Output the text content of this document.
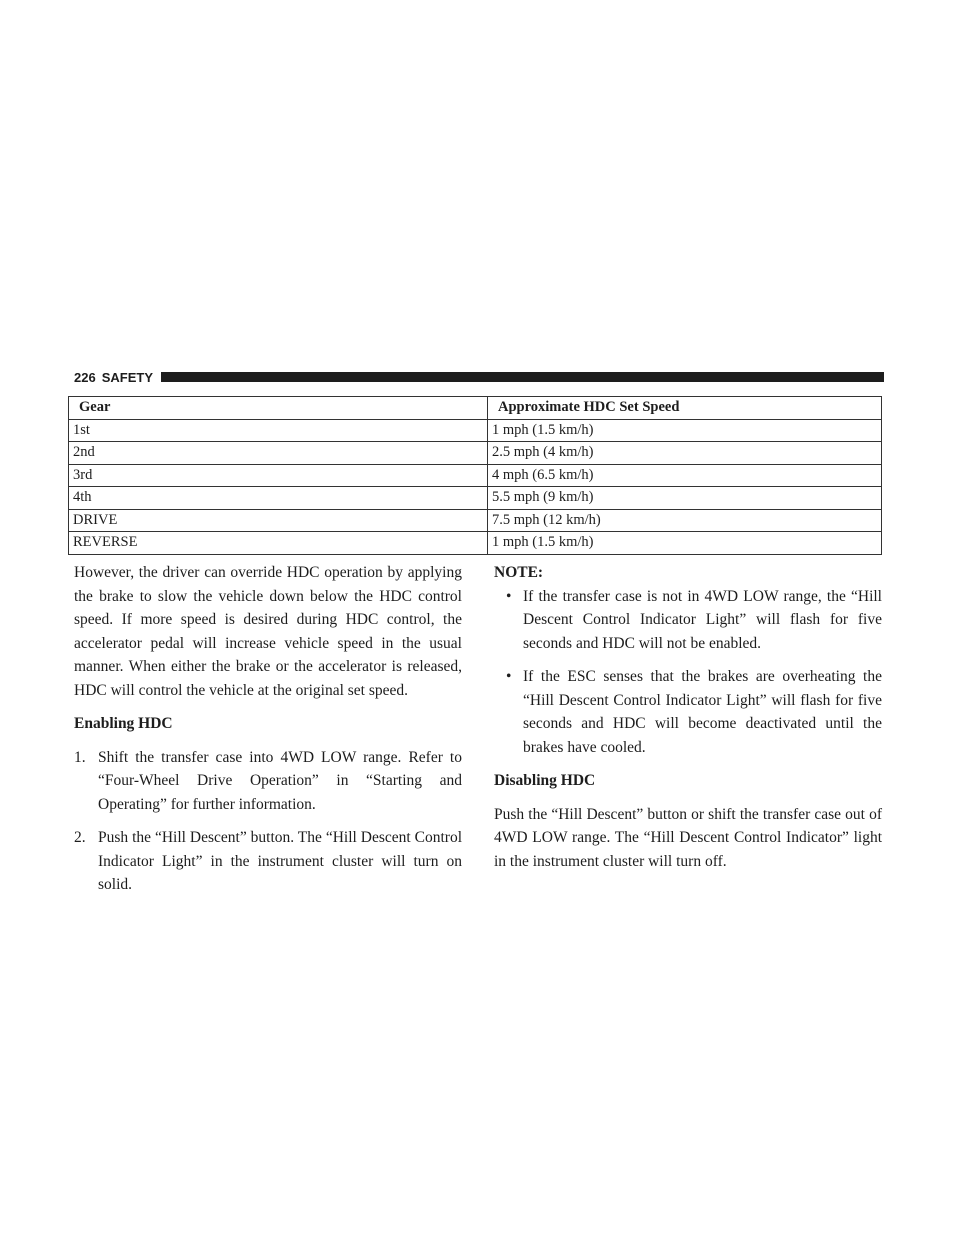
226 SAFETY
Gear	Approximate HDC Set Speed
1st	1 mph (1.5 km/h)
2nd	2.5 mph (4 km/h)
3rd	4 mph (6.5 km/h)
4th	5.5 mph (9 km/h)
DRIVE	7.5 mph (12 km/h)
REVERSE	1 mph (1.5 km/h)

However, the driver can override HDC operation by applying the brake to slow the vehicle down below the HDC control speed. If more speed is desired during HDC control, the accelerator pedal will increase vehicle speed in the usual manner. When either the brake or the accelerator is released, HDC will control the vehicle at the original set speed.

Enabling HDC

1. Shift the transfer case into 4WD LOW range. Refer to “Four-Wheel Drive Operation” in “Starting and Operating” for further information.
2. Push the “Hill Descent” button. The “Hill Descent Control Indicator Light” in the instrument cluster will turn on solid.

NOTE:

• If the transfer case is not in 4WD LOW range, the “Hill Descent Control Indicator Light” will flash for five seconds and HDC will not be enabled.
• If the ESC senses that the brakes are overheating the “Hill Descent Control Indicator Light” will flash for five seconds and HDC will become deactivated until the brakes have cooled.

Disabling HDC

Push the “Hill Descent” button or shift the transfer case out of 4WD LOW range. The “Hill Descent Control Indicator” light in the instrument cluster will turn off.
